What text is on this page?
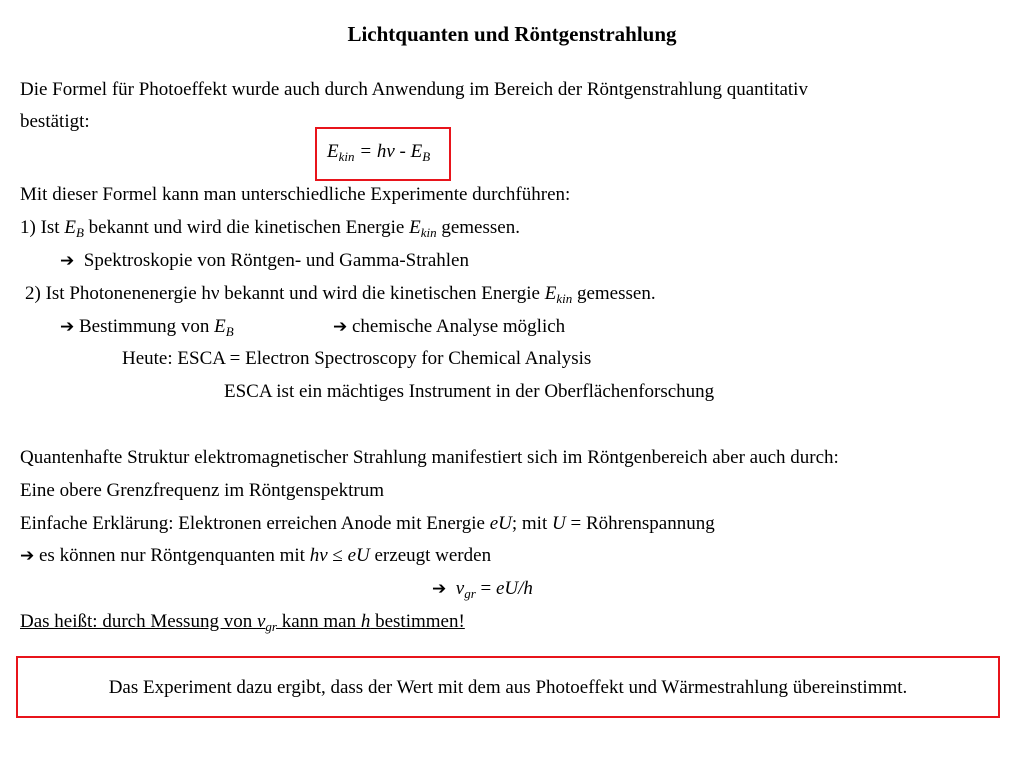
Lichtquanten und Röntgenstrahlung
Die Formel für Photoeffekt wurde auch durch Anwendung im Bereich der Röntgenstrahlung quantitativ
bestätigt:
$E_{kin} = h\nu - E_B$
Mit dieser Formel kann man unterschiedliche Experimente durchführen:
1) Ist $E_B$ bekannt und wird die kinetischen Energie $E_{kin}$ gemessen.
➔ Spektroskopie von Röntgen- und Gamma-Strahlen
2) Ist Photonenenergie hν bekannt und wird die kinetischen Energie $E_{kin}$ gemessen.
➔ Bestimmung von $E_B$	➔ chemische Analyse möglich
Heute: ESCA = Electron Spectroscopy for Chemical Analysis
ESCA ist ein mächtiges Instrument in der Oberflächenforschung
Quantenhafte Struktur elektromagnetischer Strahlung manifestiert sich im Röntgenbereich aber auch durch:
Eine obere Grenzfrequenz im Röntgenspektrum
Einfache Erklärung: Elektronen erreichen Anode mit Energie eU; mit U = Röhrenspannung
➔ es können nur Röntgenquanten mit hν ≤ eU erzeugt werden
➔ $\nu_{gr} = eU/h$
Das heißt: durch Messung von $\nu_{gr}$ kann man h bestimmen!
Das Experiment dazu ergibt, dass der Wert mit dem aus Photoeffekt und Wärmestrahlung übereinstimmt.
